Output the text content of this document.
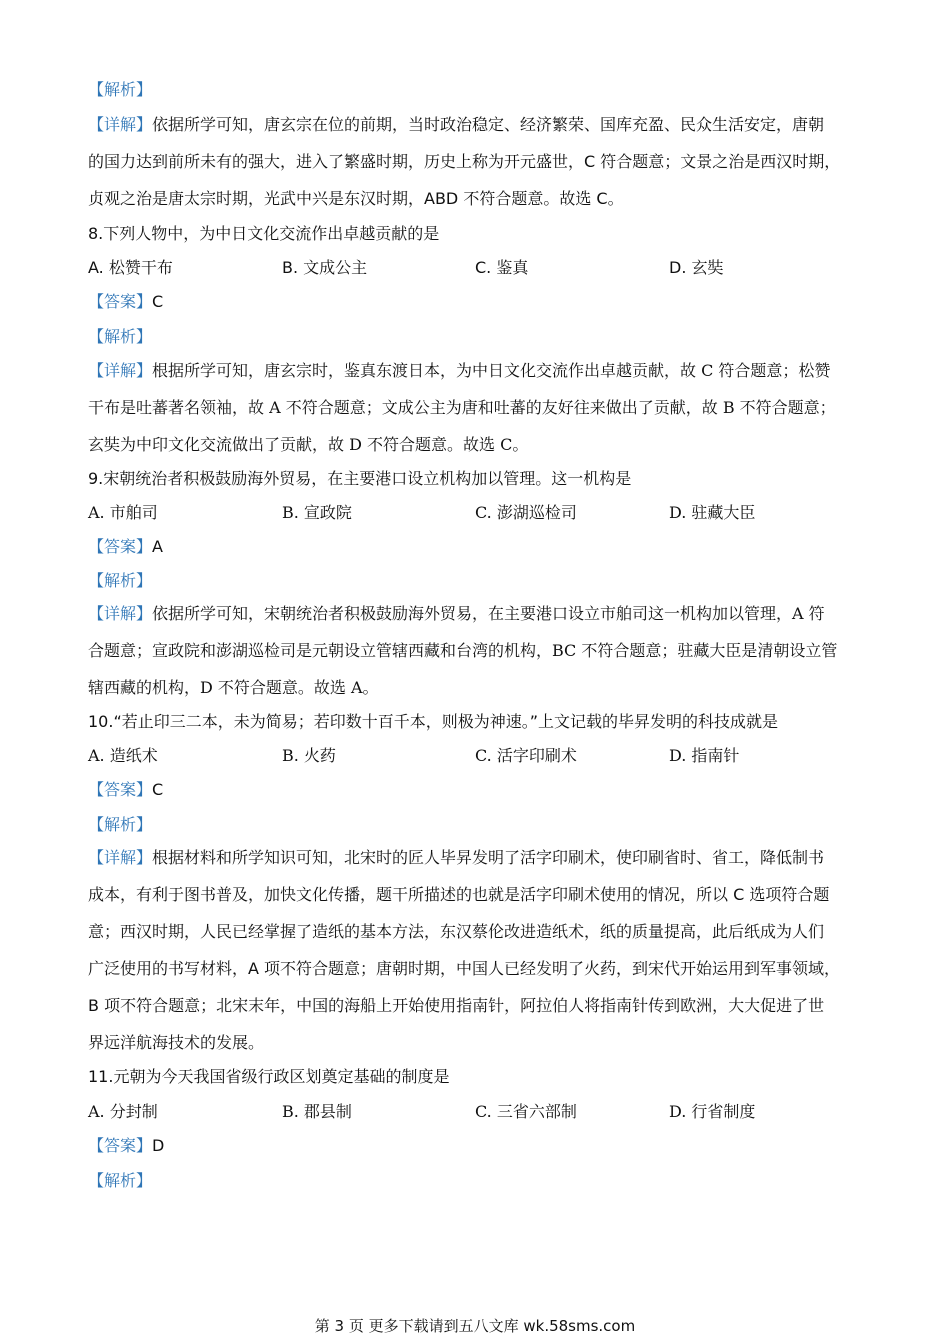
【解析】
【详解】依据所学可知，唐玄宗在位的前期，当时政治稳定、经济繁荣、国库充盈、民众生活安定，唐朝
的国力达到前所未有的强大，进入了繁盛时期，历史上称为开元盛世，C 符合题意；文景之治是西汉时期，
贞观之治是唐太宗时期，光武中兴是东汉时期，ABD 不符合题意。故选 C。
8.下列人物中，为中日文化交流作出卓越贡献的是
A. 松赞干布	B. 文成公主	C. 鉴真	D. 玄奘
【答案】C
【解析】
【详解】根据所学可知，唐玄宗时，鉴真东渡日本，为中日文化交流作出卓越贡献，故 C 符合题意；松赞
干布是吐蕃著名领袖，故 A 不符合题意；文成公主为唐和吐蕃的友好往来做出了贡献，故 B 不符合题意；
玄奘为中印文化交流做出了贡献，故 D 不符合题意。故选 C。
9.宋朝统治者积极鼓励海外贸易，在主要港口设立机构加以管理。这一机构是
A. 市舶司	B. 宣政院	C. 澎湖巡检司	D. 驻藏大臣
【答案】A
【解析】
【详解】依据所学可知，宋朝统治者积极鼓励海外贸易，在主要港口设立市舶司这一机构加以管理，A 符
合题意；宣政院和澎湖巡检司是元朝设立管辖西藏和台湾的机构，BC 不符合题意；驻藏大臣是清朝设立管
辖西藏的机构，D 不符合题意。故选 A。
10.“若止印三二本，未为简易；若印数十百千本，则极为神速。”上文记载的毕昇发明的科技成就是
A. 造纸术	B. 火药	C. 活字印刷术	D. 指南针
【答案】C
【解析】
【详解】根据材料和所学知识可知，北宋时的匠人毕昇发明了活字印刷术，使印刷省时、省工，降低制书
成本，有利于图书普及，加快文化传播，题干所描述的也就是活字印刷术使用的情况，所以 C 选项符合题
意；西汉时期，人民已经掌握了造纸的基本方法，东汉蔡伦改进造纸术，纸的质量提高，此后纸成为人们
广泛使用的书写材料，A 项不符合题意；唐朝时期，中国人已经发明了火药，到宋代开始运用到军事领域，
B 项不符合题意；北宋末年，中国的海船上开始使用指南针，阿拉伯人将指南针传到欧洲，大大促进了世
界远洋航海技术的发展。
11.元朝为今天我国省级行政区划奠定基础的制度是
A. 分封制	B. 郡县制	C. 三省六部制	D. 行省制度
【答案】D
【解析】
第 3 页 更多下载请到五八文库 wk.58sms.com
